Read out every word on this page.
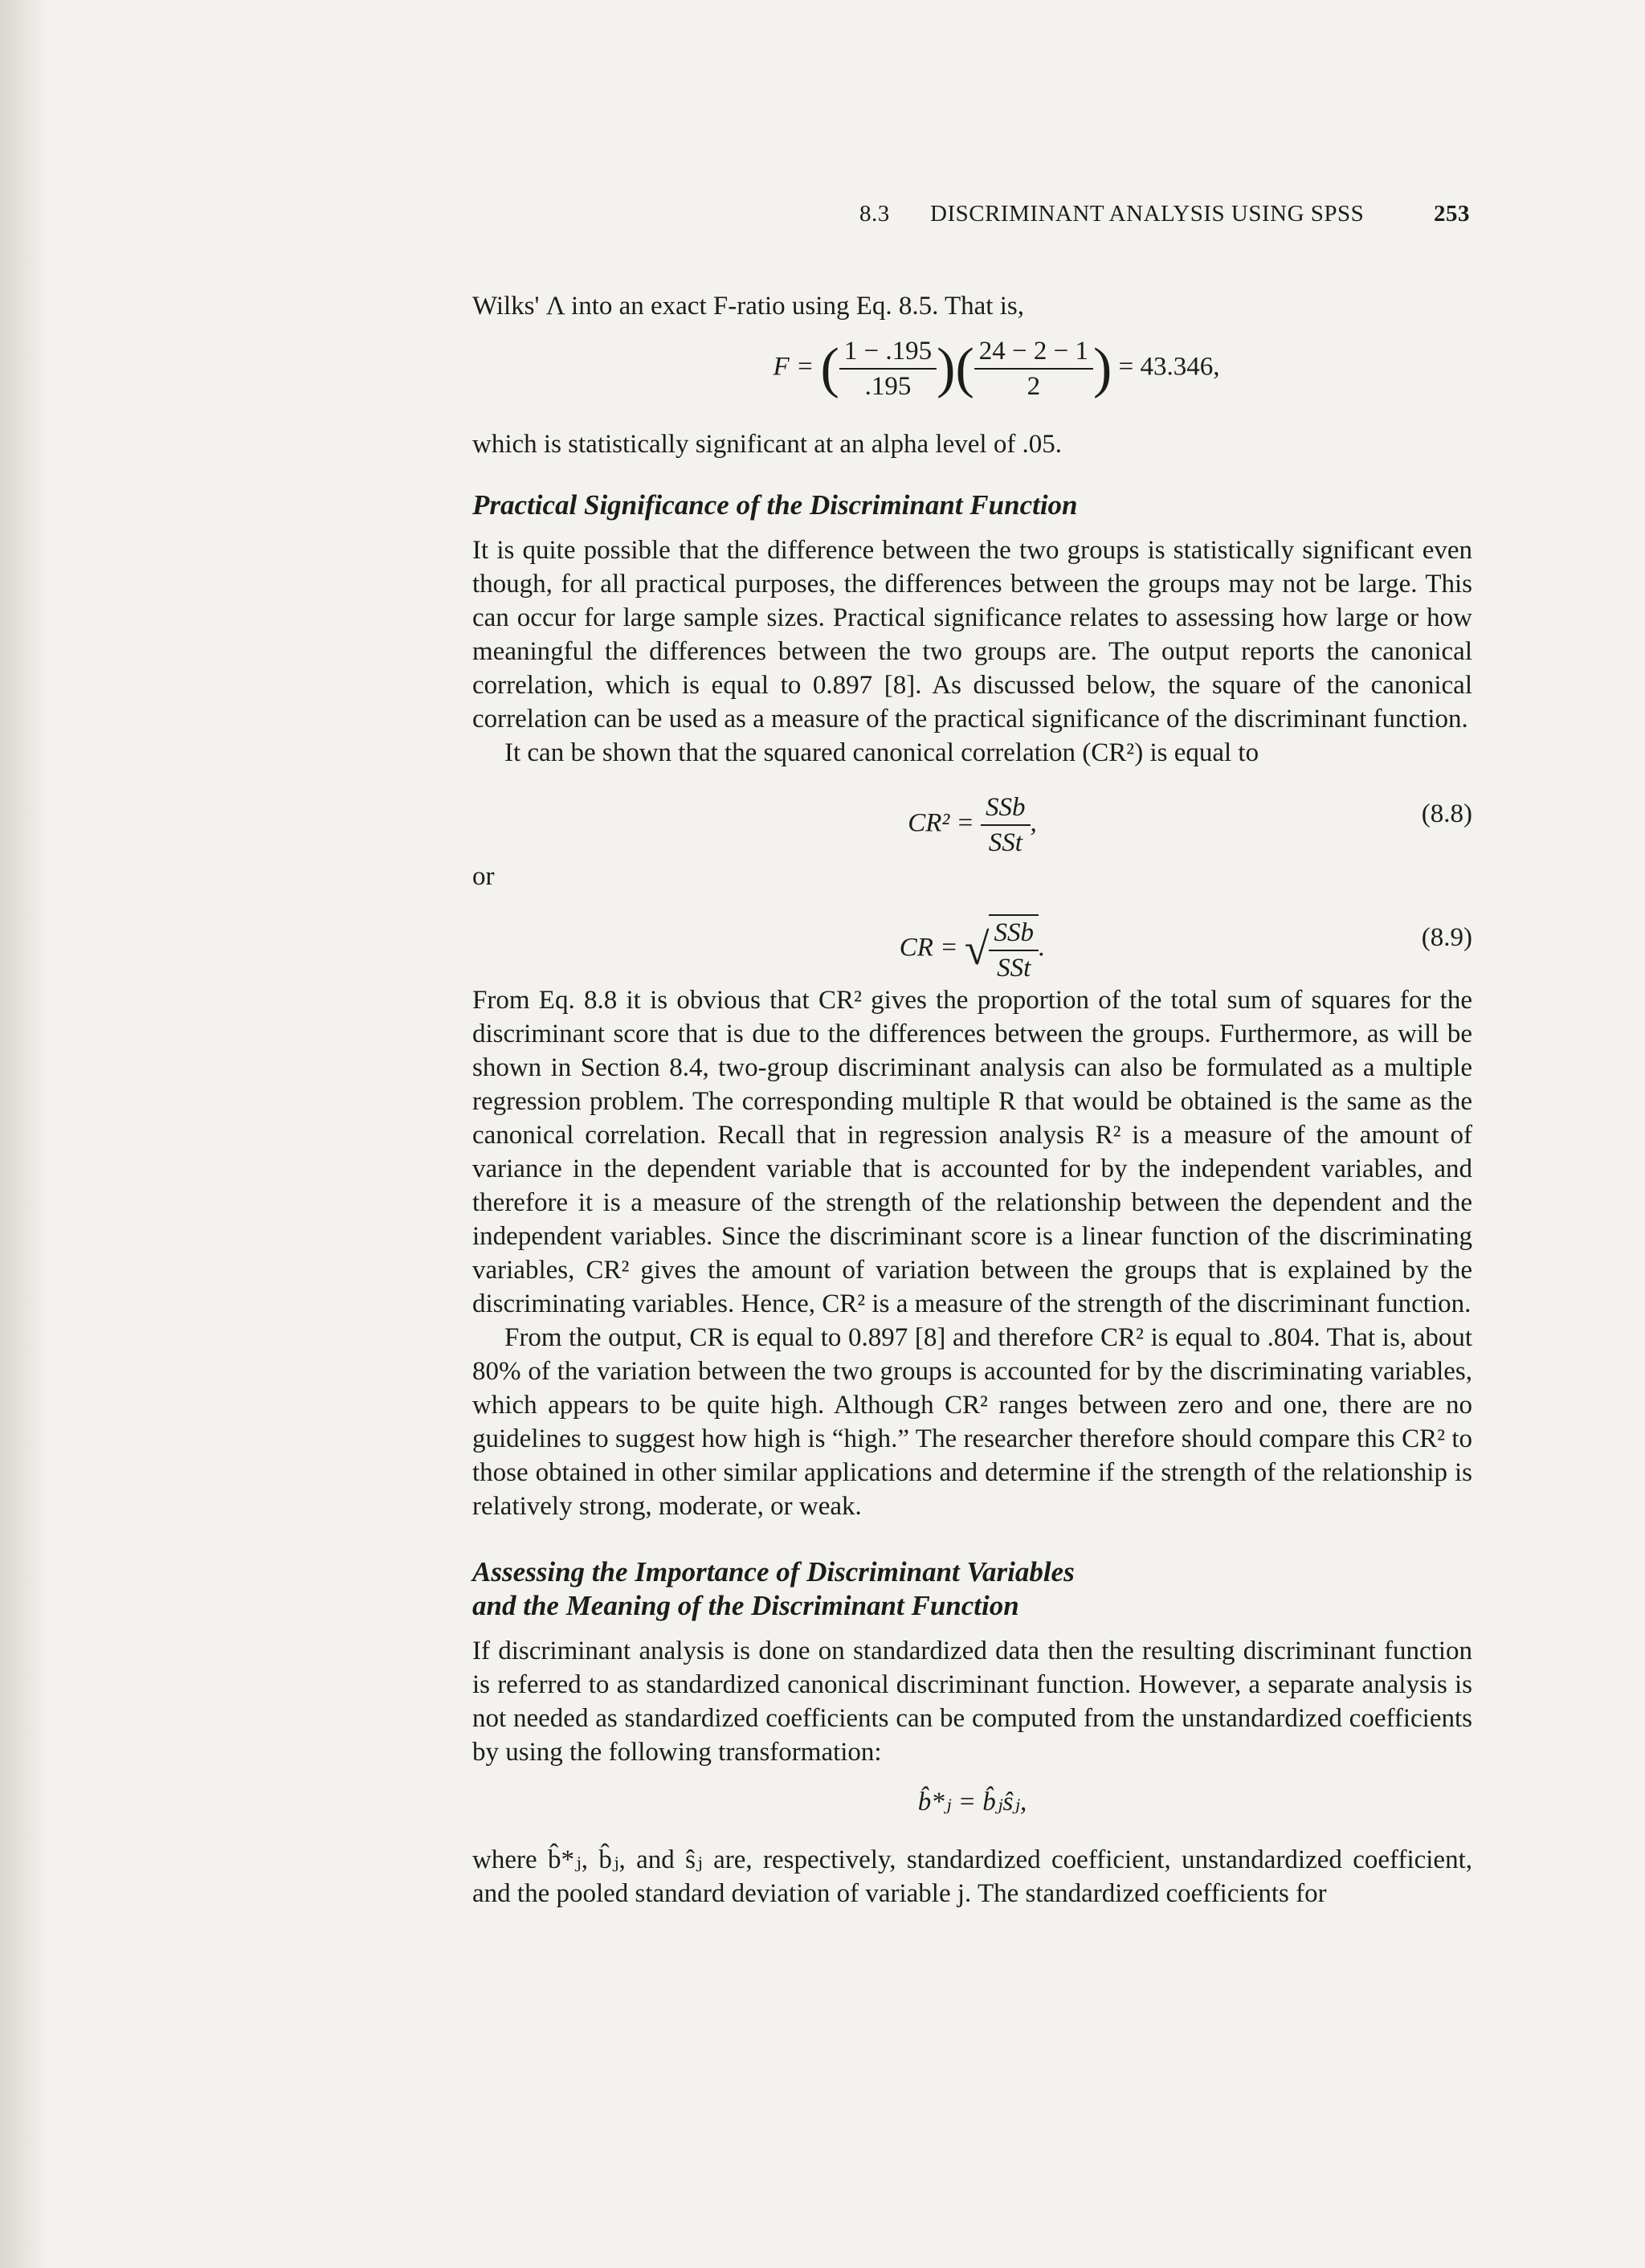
8.3 DISCRIMINANT ANALYSIS USING SPSS	253

Wilks' Λ into an exact F-ratio using Eq. 8.5. That is,

F = ( $\frac{1 - .195}{.195}$ )( $\frac{24 - 2 - 1}{2}$ ) = 43.346,

which is statistically significant at an alpha level of .05.

Practical Significance of the Discriminant Function

It is quite possible that the difference between the two groups is statistically significant even though, for all practical purposes, the differences between the groups may not be large. This can occur for large sample sizes. Practical significance relates to assessing how large or how meaningful the differences between the two groups are. The output reports the canonical correlation, which is equal to 0.897 [8]. As discussed below, the square of the canonical correlation can be used as a measure of the practical significance of the discriminant function.

It can be shown that the squared canonical correlation (CR²) is equal to

$CR^2 = \frac{\text{SSb}}{\text{SSt}}$ ,	(8.8)

or

CR = √ $\frac{\text{SSb}}{\text{SSt}}$ .	(8.9)

From Eq. 8.8 it is obvious that CR² gives the proportion of the total sum of squares for the discriminant score that is due to the differences between the groups. Furthermore, as will be shown in Section 8.4, two-group discriminant analysis can also be formulated as a multiple regression problem. The corresponding multiple R that would be obtained is the same as the canonical correlation. Recall that in regression analysis R² is a measure of the amount of variance in the dependent variable that is accounted for by the independent variables, and therefore it is a measure of the strength of the relationship between the dependent and the independent variables. Since the discriminant score is a linear function of the discriminating variables, CR² gives the amount of variation between the groups that is explained by the discriminating variables. Hence, CR² is a measure of the strength of the discriminant function.

From the output, CR is equal to 0.897 [8] and therefore CR² is equal to .804. That is, about 80% of the variation between the two groups is accounted for by the discriminating variables, which appears to be quite high. Although CR² ranges between zero and one, there are no guidelines to suggest how high is “high.” The researcher therefore should compare this CR² to those obtained in other similar applications and determine if the strength of the relationship is relatively strong, moderate, or weak.

Assessing the Importance of Discriminant Variables
and the Meaning of the Discriminant Function

If discriminant analysis is done on standardized data then the resulting discriminant function is referred to as standardized canonical discriminant function. However, a separate analysis is not needed as standardized coefficients can be computed from the unstandardized coefficients by using the following transformation:

b̂*ⱼ = b̂ⱼŝⱼ,

where b̂*ⱼ, b̂ⱼ, and ŝⱼ are, respectively, standardized coefficient, unstandardized coefficient, and the pooled standard deviation of variable j. The standardized coefficients for
